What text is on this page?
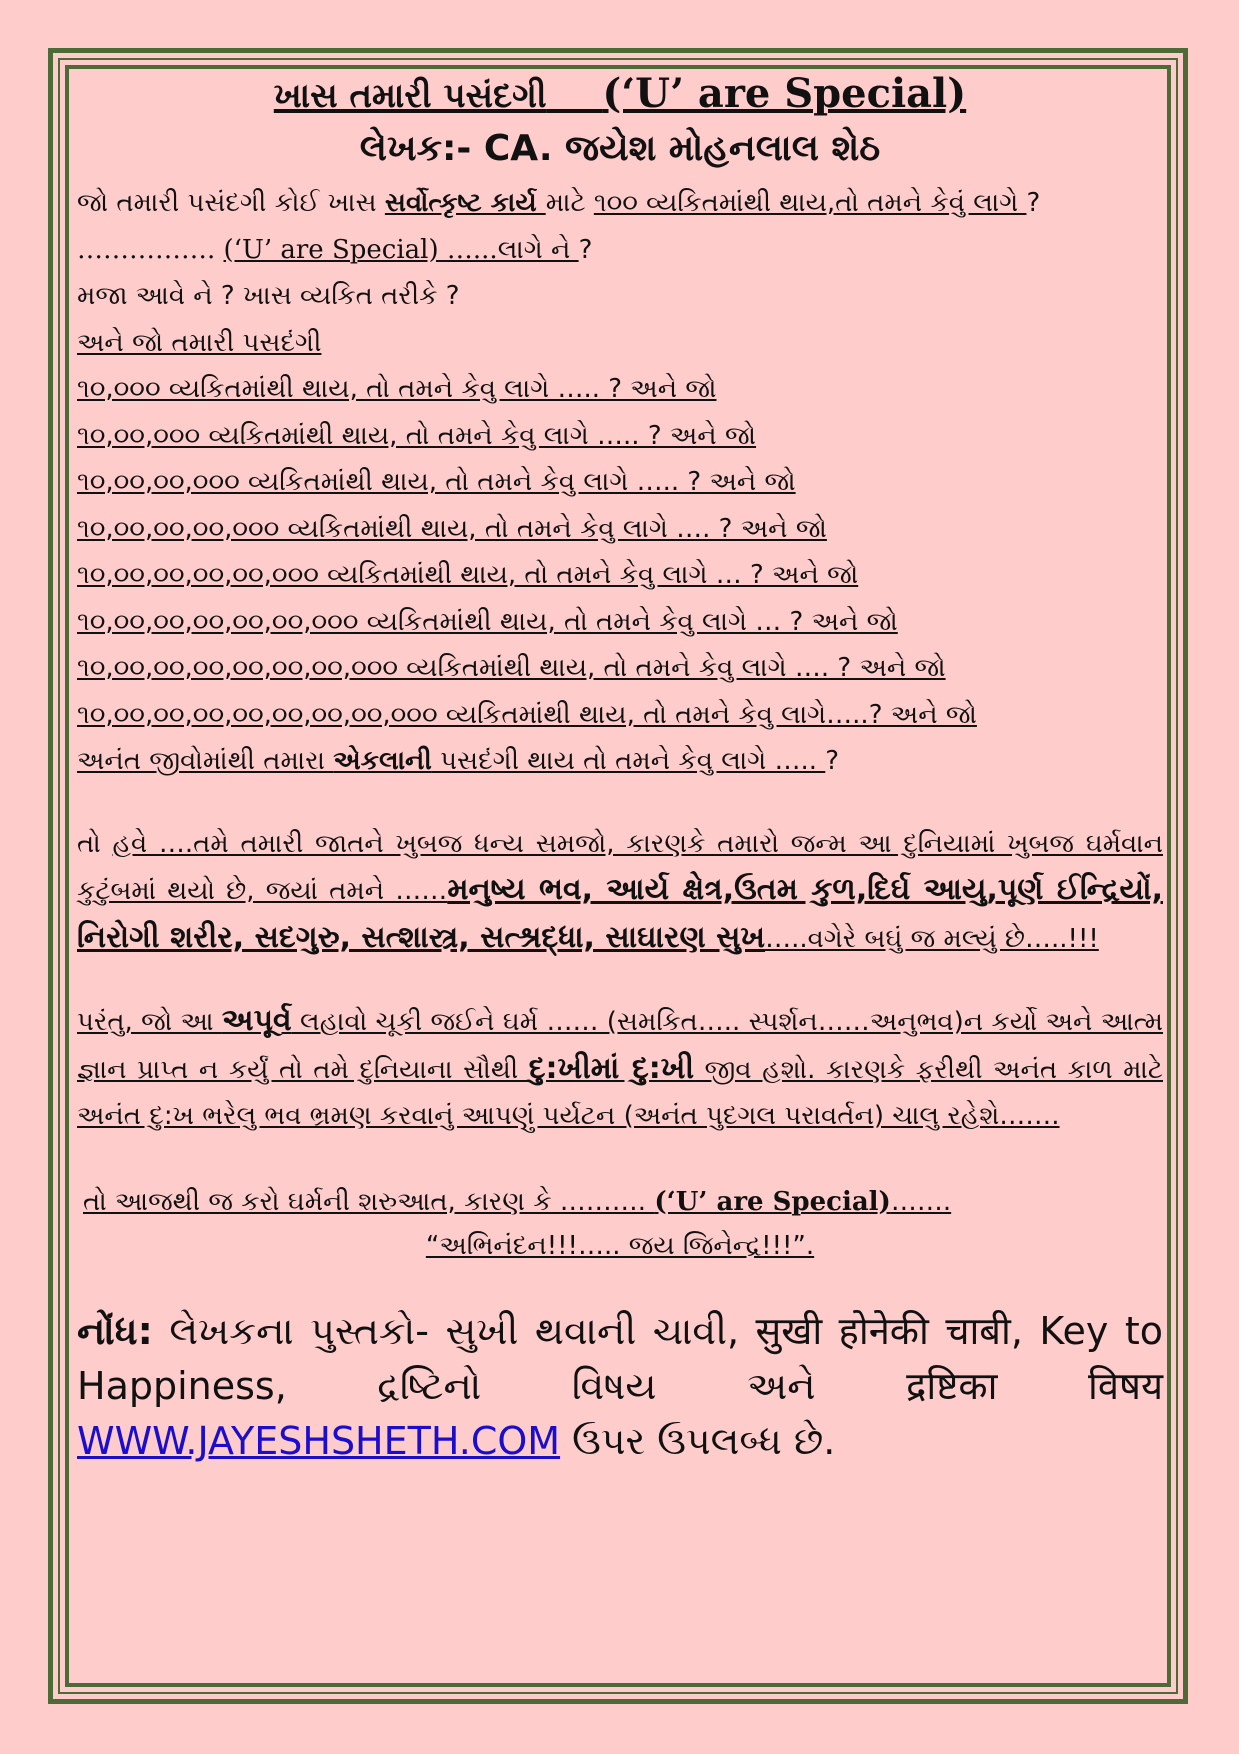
ખાસ તમારી પસંદગી (‘U’ are Special)

લેખક:- CA. જયેશ મોહનલાલ શેઠ

જો તમારી પસંદગી કોઈ ખાસ સર્વોત્કૃષ્ટ કાર્ય માટે ૧૦૦ વ્યકિતમાંથી થાય,તો તમને કેવું લાગે ?

……………. (‘U’ are Special) …...લાગે ને ?

મજા આવે ને ? ખાસ વ્યકિત તરીકે ?

અને જો તમારી પસદંગી

૧૦,૦૦૦ વ્યકિતમાંથી થાય, તો તમને કેવુ લાગે ….. ? અને જો

૧૦,૦૦,૦૦૦ વ્યકિતમાંથી થાય, તો તમને કેવુ લાગે ….. ? અને જો

૧૦,૦૦,૦૦,૦૦૦ વ્યકિતમાંથી થાય, તો તમને કેવુ લાગે ….. ? અને જો

૧૦,૦૦,૦૦,૦૦,૦૦૦ વ્યકિતમાંથી થાય, તો તમને કેવુ લાગે …. ? અને જો

૧૦,૦૦,૦૦,૦૦,૦૦,૦૦૦ વ્યકિતમાંથી થાય, તો તમને કેવુ લાગે … ? અને જો

૧૦,૦૦,૦૦,૦૦,૦૦,૦૦,૦૦૦ વ્યકિતમાંથી થાય, તો તમને કેવુ લાગે … ? અને જો

૧૦,૦૦,૦૦,૦૦,૦૦,૦૦,૦૦,૦૦૦ વ્યકિતમાંથી થાય, તો તમને કેવુ લાગે …. ? અને જો

૧૦,૦૦,૦૦,૦૦,૦૦,૦૦,૦૦,૦૦,૦૦૦ વ્યકિતમાંથી થાય, તો તમને કેવુ લાગે…..? અને જો

અનંત જીવોમાંથી તમારા એકલાની પસદંગી થાય તો તમને કેવુ લાગે ….. ?

તો હવે ….તમે તમારી જાતને ખુબજ ધન્ય સમજો, કારણકે તમારો જન્મ આ દુનિયામાં ખુબજ ઘર્મવાન કુટુંબમાં થયો છે, જયાં તમને ……મનુષ્ય ભવ, આર્ય ક્ષેત્ર,ઉતમ કુળ,દિર્ઘ આયુ,પૂર્ણ ઈન્દ્રિયોં, નિરોગી શરીર, સદગુરુ, સત્શાસ્ત્ર, સત્શ્રદ્ધા, સાઘારણ સુખ…..વગેરે બઘું જ મલ્યું છે…..!!!

પરંતુ, જો આ અપૂર્વ લહાવો ચૂકી જઈને ઘર્મ …… (સમકિત….. સ્પર્શન……અનુભવ)ન કર્યો અને આત્મ જ્ઞાન પ્રાપ્ત ન કર્યું તો તમે દુનિયાના સૌથી દુ:ખીમાં દુ:ખી જીવ હશો. કારણકે ફરીથી અનંત કાળ માટે અનંત દુ:ખ ભરેલુ ભવ ભ્રમણ કરવાનું આપણું પર્યટન (અનંત પુદગલ પરાવર્તન) ચાલુ રહેશે…….

તો આજથી જ કરો ઘર્મની શરુઆત, કારણ કે ………. (‘U’ are Special)…….

“અભિનંદન!!!….. જય જિનેન્દ્ર!!!”.

નોંધ: લેખકના પુસ્તકો- સુખી થવાની ચાવી, सुखी होनेकी चाबी, Key to Happiness, દ્રષ્ટિનો વિષય અને द्रष्टिका विषय WWW.JAYESHSHETH.COM ઉપર ઉપલબ્ધ છે.
